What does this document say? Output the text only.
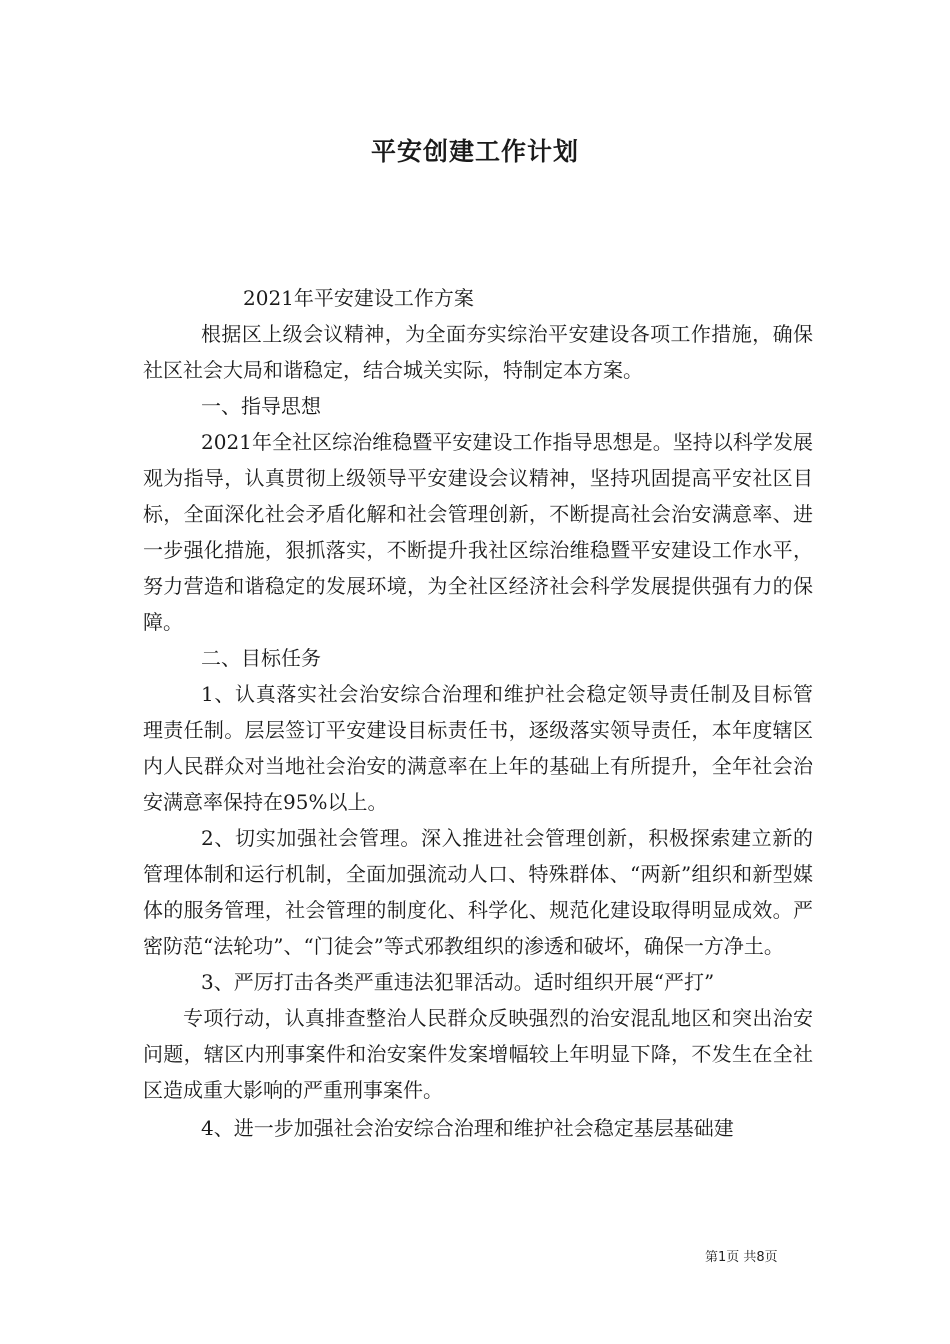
平安创建工作计划

2021年平安建设工作方案

根据区上级会议精神，为全面夯实综治平安建设各项工作措施，确保社区社会大局和谐稳定，结合城关实际，特制定本方案。

一、指导思想

2021年全社区综治维稳暨平安建设工作指导思想是。坚持以科学发展观为指导，认真贯彻上级领导平安建设会议精神，坚持巩固提高平安社区目标，全面深化社会矛盾化解和社会管理创新，不断提高社会治安满意率、进一步强化措施，狠抓落实，不断提升我社区综治维稳暨平安建设工作水平，努力营造和谐稳定的发展环境，为全社区经济社会科学发展提供强有力的保障。

二、目标任务

1、认真落实社会治安综合治理和维护社会稳定领导责任制及目标管理责任制。层层签订平安建设目标责任书，逐级落实领导责任，本年度辖区内人民群众对当地社会治安的满意率在上年的基础上有所提升，全年社会治安满意率保持在95%以上。

2、切实加强社会管理。深入推进社会管理创新，积极探索建立新的管理体制和运行机制，全面加强流动人口、特殊群体、“两新”组织和新型媒体的服务管理，社会管理的制度化、科学化、规范化建设取得明显成效。严密防范“法轮功”、“门徒会”等式邪教组织的渗透和破坏，确保一方净土。

3、严厉打击各类严重违法犯罪活动。适时组织开展“严打”

专项行动，认真排查整治人民群众反映强烈的治安混乱地区和突出治安问题，辖区内刑事案件和治安案件发案增幅较上年明显下降，不发生在全社区造成重大影响的严重刑事案件。

4、进一步加强社会治安综合治理和维护社会稳定基层基础建

第1页 共8页
